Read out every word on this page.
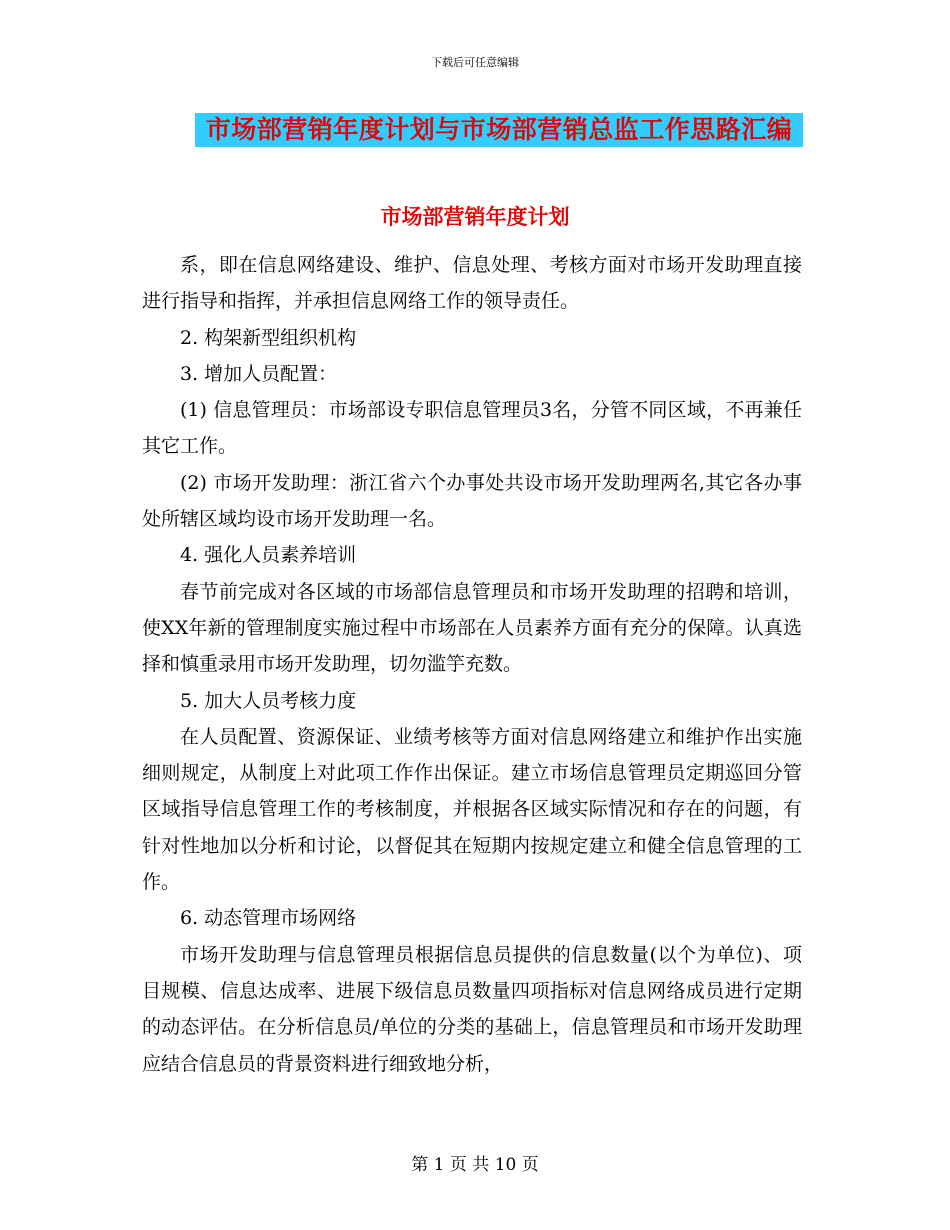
下载后可任意编辑
市场部营销年度计划与市场部营销总监工作思路汇编
市场部营销年度计划

系，即在信息网络建设、维护、信息处理、考核方面对市场开发助理直接进行指导和指挥，并承担信息网络工作的领导责任。

2. 构架新型组织机构

3. 增加人员配置：

(1) 信息管理员：市场部设专职信息管理员3名，分管不同区域，不再兼任其它工作。

(2) 市场开发助理：浙江省六个办事处共设市场开发助理两名,其它各办事处所辖区域均设市场开发助理一名。

4. 强化人员素养培训

春节前完成对各区域的市场部信息管理员和市场开发助理的招聘和培训，使XX年新的管理制度实施过程中市场部在人员素养方面有充分的保障。认真选择和慎重录用市场开发助理，切勿滥竽充数。

5. 加大人员考核力度

在人员配置、资源保证、业绩考核等方面对信息网络建立和维护作出实施细则规定，从制度上对此项工作作出保证。建立市场信息管理员定期巡回分管区域指导信息管理工作的考核制度，并根据各区域实际情况和存在的问题，有针对性地加以分析和讨论，以督促其在短期内按规定建立和健全信息管理的工作。

6. 动态管理市场网络

市场开发助理与信息管理员根据信息员提供的信息数量(以个为单位)、项目规模、信息达成率、进展下级信息员数量四项指标对信息网络成员进行定期的动态评估。在分析信息员/单位的分类的基础上，信息管理员和市场开发助理应结合信息员的背景资料进行细致地分析，

第 1 页 共 10 页
